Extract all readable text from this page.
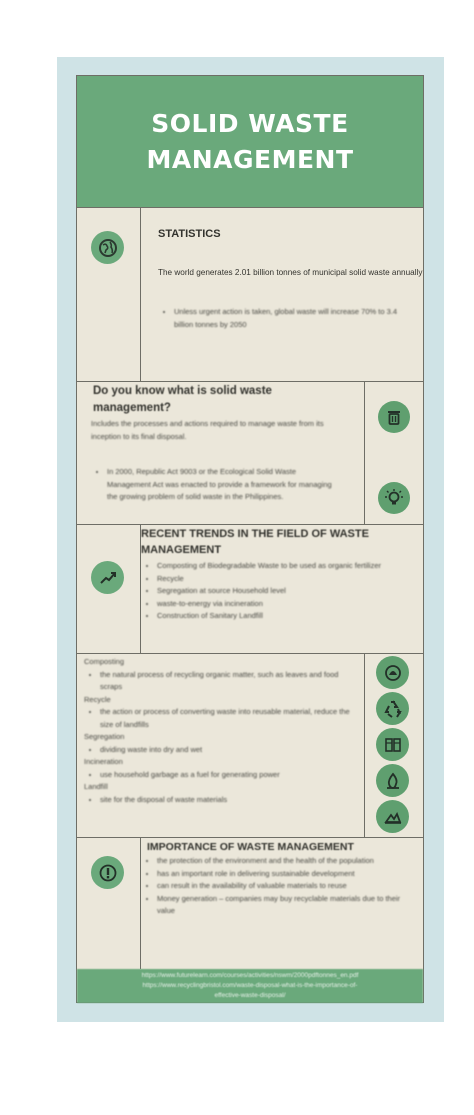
SOLID WASTE MANAGEMENT
STATISTICS
The world generates 2.01 billion tonnes of municipal solid waste annually
• Unless urgent action is taken, global waste will increase 70% to 3.4 billion tonnes by 2050
Do you know what is solid waste management?
Includes the processes and actions required to manage waste from its inception to its final disposal.
• In 2000, Republic Act 9003 or the Ecological Solid Waste Management Act was enacted to provide a framework for managing the growing problem of solid waste in the Philippines.
RECENT TRENDS IN THE FIELD OF WASTE MANAGEMENT
• Composting of Biodegradable Waste to be used as organic fertilizer
• Recycle
• Segregation at source Household level
• waste-to-energy via incineration
• Construction of Sanitary Landfill
Composting
• the natural process of recycling organic matter, such as leaves and food scraps
Recycle
• the action or process of converting waste into reusable material, reduce the size of landfills
Segregation
• dividing waste into dry and wet
Incineration
• use household garbage as a fuel for generating power
Landfill
• site for the disposal of waste materials
IMPORTANCE OF WASTE MANAGEMENT
• the protection of the environment and the health of the population
• has an important role in delivering sustainable development
• can result in the availability of valuable materials to reuse
• Money generation – companies may buy recyclable materials due to their value
https://www.futurelearn.com/courses/activities/nswm/2000pdftonnes_en.pdf
https://www.recyclingbristol.com/waste-disposal-what-is-the-importance-of-
effective-waste-disposal/
